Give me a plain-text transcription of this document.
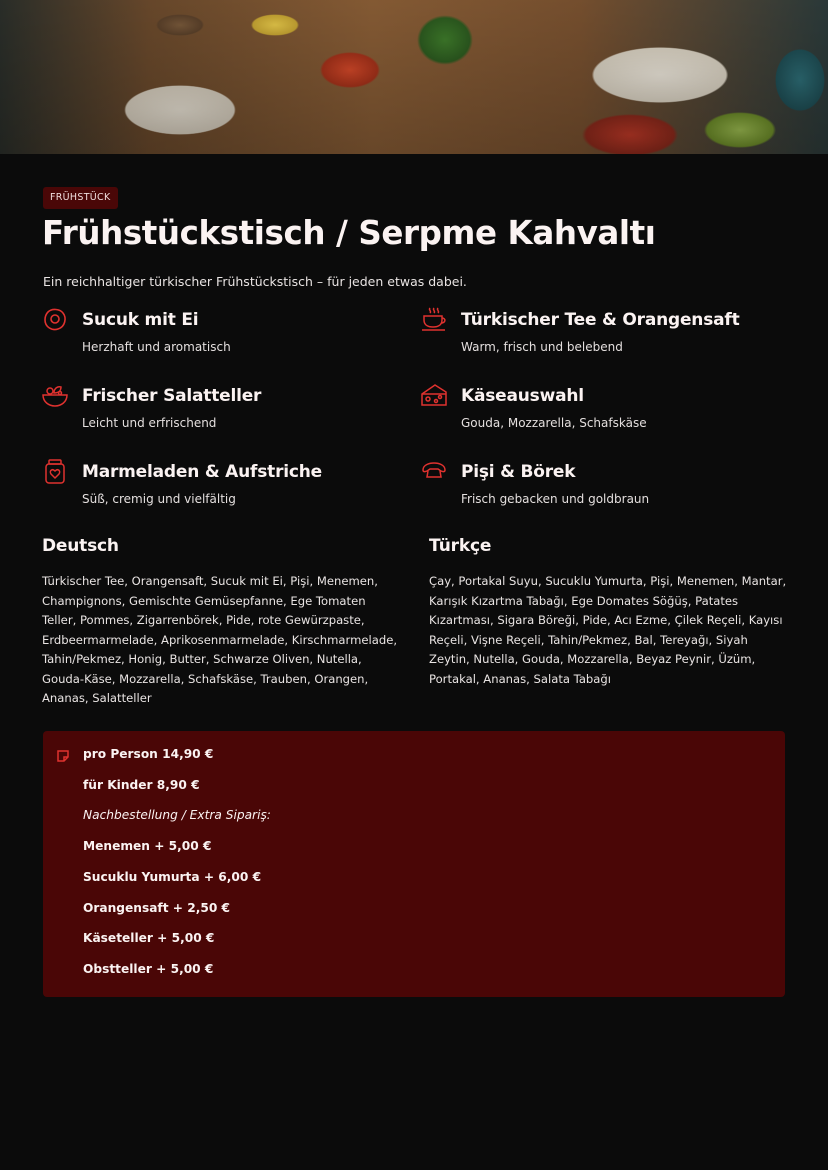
FRÜHSTÜCK
Frühstückstisch / Serpme Kahvaltı
Ein reichhaltiger türkischer Frühstückstisch – für jeden etwas dabei.
Sucuk mit Ei
Herzhaft und aromatisch
Türkischer Tee & Orangensaft
Warm, frisch und belebend
Frischer Salatteller
Leicht und erfrischend
Käseauswahl
Gouda, Mozzarella, Schafskäse
Marmeladen & Aufstriche
Süß, cremig und vielfältig
Pişi & Börek
Frisch gebacken und goldbraun
Deutsch

Türkischer Tee, Orangensaft, Sucuk mit Ei, Pişi, Menemen, Champignons, Gemischte Gemüsepfanne, Ege Tomaten Teller, Pommes, Zigarrenbörek, Pide, rote Gewürzpaste, Erdbeermarmelade, Aprikosenmarmelade, Kirschmarmelade, Tahin/Pekmez, Honig, Butter, Schwarze Oliven, Nutella, Gouda-Käse, Mozzarella, Schafskäse, Trauben, Orangen, Ananas, Salatteller

Türkçe

Çay, Portakal Suyu, Sucuklu Yumurta, Pişi, Menemen, Mantar, Karışık Kızartma Tabağı, Ege Domates Söğüş, Patates Kızartması, Sigara Böreği, Pide, Acı Ezme, Çilek Reçeli, Kayısı Reçeli, Vişne Reçeli, Tahin/Pekmez, Bal, Tereyağı, Siyah Zeytin, Nutella, Gouda, Mozzarella, Beyaz Peynir, Üzüm, Portakal, Ananas, Salata Tabağı

pro Person 14,90 €
für Kinder 8,90 €
Nachbestellung / Extra Sipariş:
Menemen + 5,00 €
Sucuklu Yumurta + 6,00 €
Orangensaft + 2,50 €
Käseteller + 5,00 €
Obstteller + 5,00 €
